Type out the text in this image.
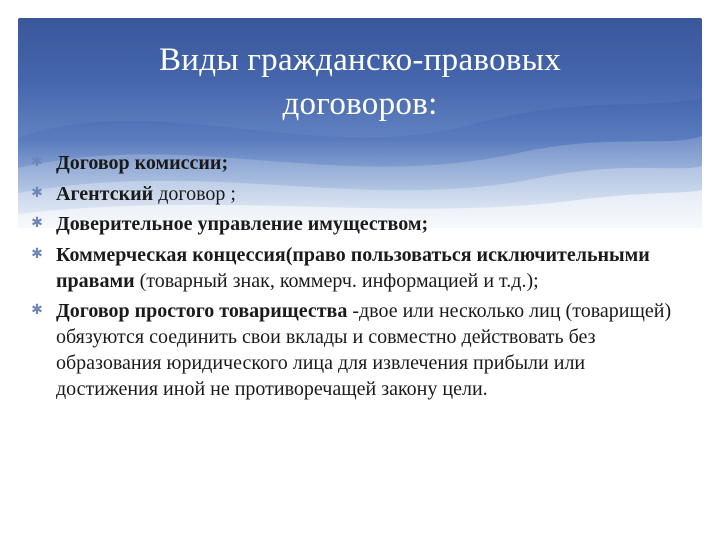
Виды гражданско-правовых
договоров:
✱ Договор комиссии;
✱ Агентский договор ;
✱ Доверительное управление имуществом;
✱ Коммерческая концессия(право пользоваться исключительными правами (товарный знак, коммерч. информацией и т.д.);
✱ Договор простого товарищества -двое или несколько лиц (товарищей) обязуются соединить свои вклады и совместно действовать без образования юридического лица для извлечения прибыли или достижения иной не противоречащей закону цели.
